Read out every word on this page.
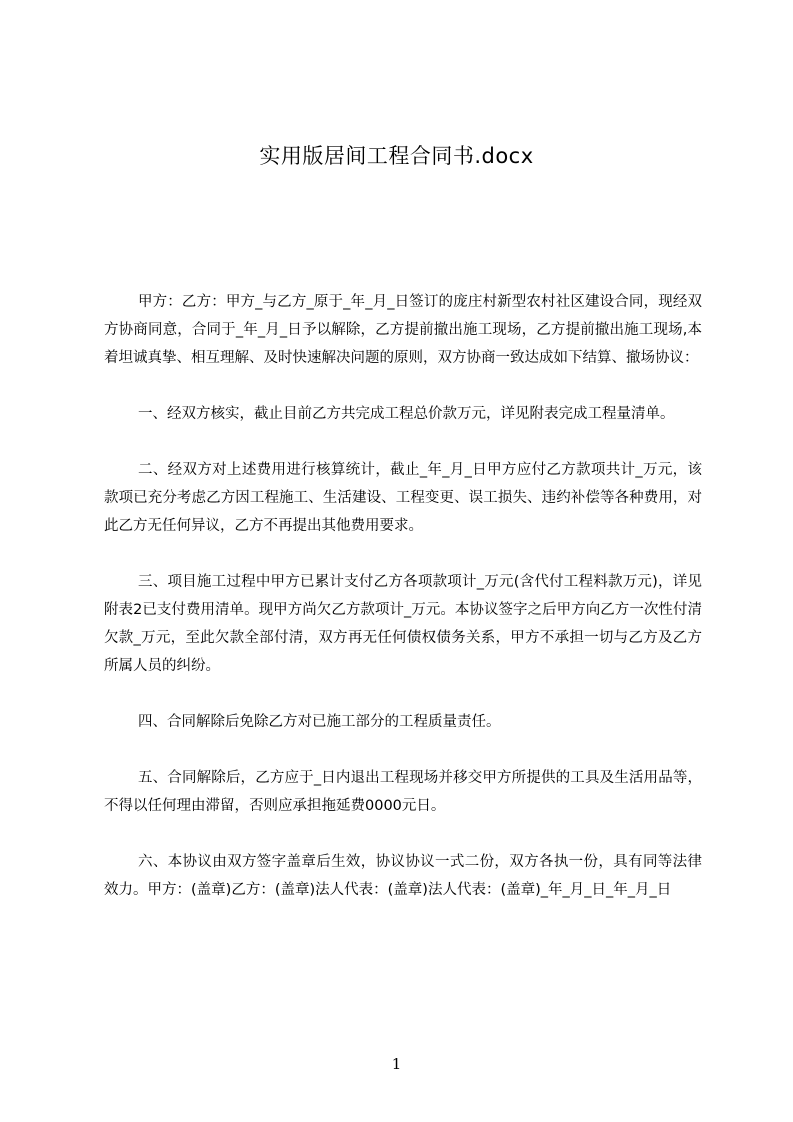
实用版居间工程合同书.docx

甲方：乙方：甲方_与乙方_原于_年_月_日签订的庞庄村新型农村社区建设合同，现经双方协商同意，合同于_年_月_日予以解除，乙方提前撤出施工现场，乙方提前撤出施工现场,本着坦诚真挚、相互理解、及时快速解决问题的原则，双方协商一致达成如下结算、撤场协议：

一、经双方核实，截止目前乙方共完成工程总价款万元，详见附表完成工程量清单。

二、经双方对上述费用进行核算统计，截止_年_月_日甲方应付乙方款项共计_万元，该款项已充分考虑乙方因工程施工、生活建设、工程变更、误工损失、违约补偿等各种费用，对此乙方无任何异议，乙方不再提出其他费用要求。

三、项目施工过程中甲方已累计支付乙方各项款项计_万元(含代付工程料款万元)，详见附表2已支付费用清单。现甲方尚欠乙方款项计_万元。本协议签字之后甲方向乙方一次性付清欠款_万元，至此欠款全部付清，双方再无任何债权债务关系，甲方不承担一切与乙方及乙方所属人员的纠纷。

四、合同解除后免除乙方对已施工部分的工程质量责任。

五、合同解除后，乙方应于_日内退出工程现场并移交甲方所提供的工具及生活用品等，不得以任何理由滞留，否则应承担拖延费0000元日。

六、本协议由双方签字盖章后生效，协议协议一式二份，双方各执一份，具有同等法律效力。甲方：(盖章)乙方：(盖章)法人代表：(盖章)法人代表：(盖章)_年_月_日_年_月_日

1
